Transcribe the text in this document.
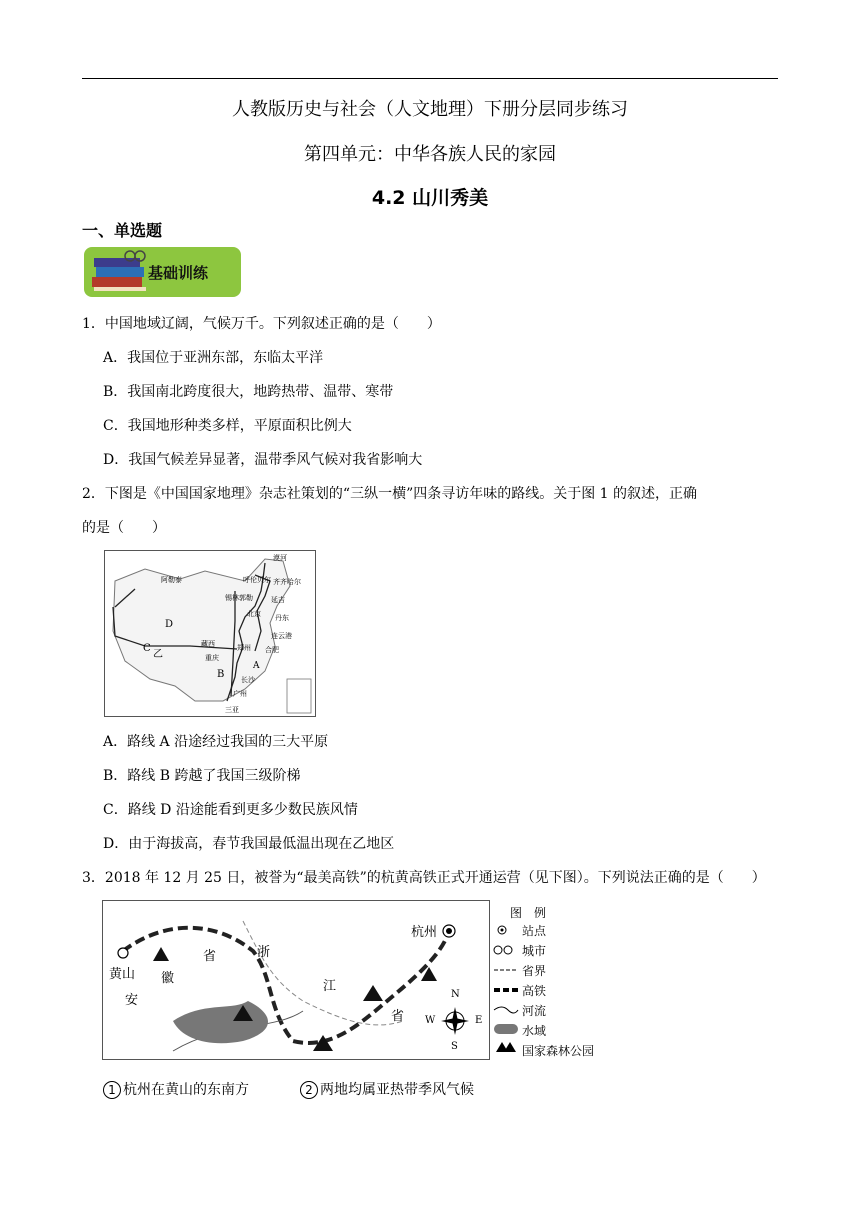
人教版历史与社会（人文地理）下册分层同步练习
第四单元：中华各族人民的家园
4.2 山川秀美
一、单选题
基础训练
1．中国地域辽阔，气候万千。下列叙述正确的是（　　）
A．我国位于亚洲东部，东临太平洋
B．我国南北跨度很大，地跨热带、温带、寒带
C．我国地形种类多样，平原面积比例大
D．我国气候差异显著，温带季风气候对我省影响大
2．下图是《中国国家地理》杂志社策划的“三纵一横”四条寻访年味的路线。关于图 1 的叙述，正确
的是（　　）
漠河
呼伦贝尔 齐齐哈尔
阿勒泰
锡林郭勒	延吉
北京 丹东
D
连云港
C
乙
藏西	郑州 合肥
重庆
长沙
B
A
广州
三亚
A．路线 A 沿途经过我国的三大平原
B．路线 B 跨越了我国三级阶梯
C．路线 D 沿途能看到更多少数民族风情
D．由于海拔高，春节我国最低温出现在乙地区
3．2018 年 12 月 25 日，被誉为“最美高铁”的杭黄高铁正式开通运营（见下图）。下列说法正确的是（　　）
杭州
黄山
安
徽
省	浙
江
省
N
S
W	E
图　例
站点
城市
省界
高铁
河流
水域
国家森林公园
1 杭州在黄山的东南方	2 两地均属亚热带季风气候
